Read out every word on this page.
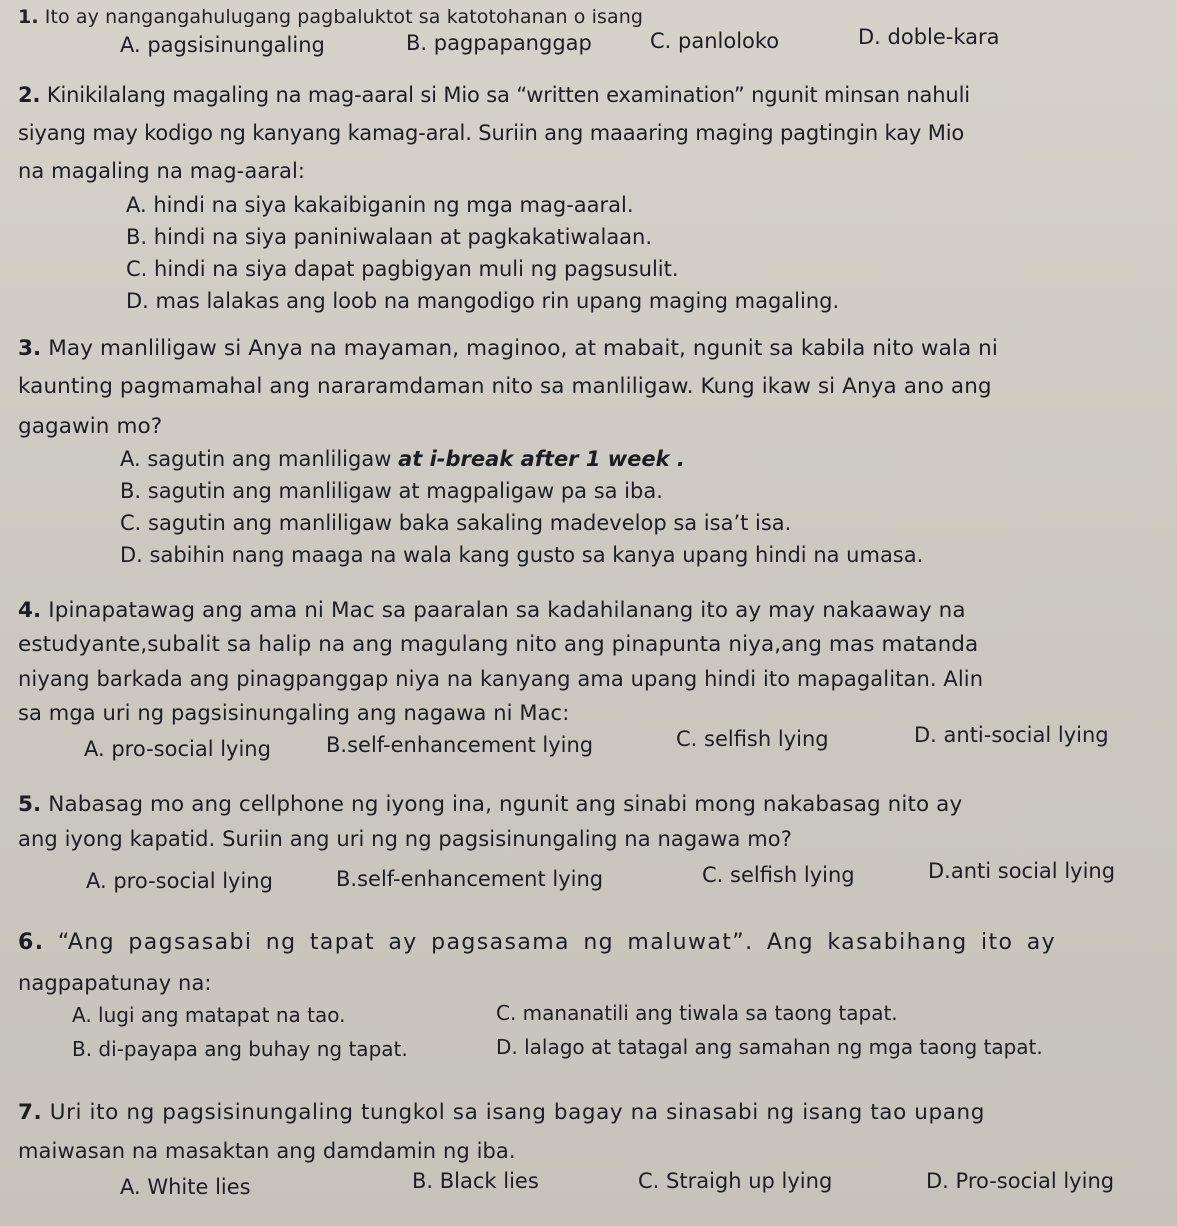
1. Ito ay nangangahulugang pagbaluktot sa katotohanan o isang
A. pagsisinungaling	B. pagpapanggap	C. panloloko	D. doble-kara
2. Kinikilalang magaling na mag-aaral si Mio sa “written examination” ngunit minsan nahuli
siyang may kodigo ng kanyang kamag-aral. Suriin ang maaaring maging pagtingin kay Mio
na magaling na mag-aaral:
A. hindi na siya kakaibiganin ng mga mag-aaral.
B. hindi na siya paniniwalaan at pagkakatiwalaan.
C. hindi na siya dapat pagbigyan muli ng pagsusulit.
D. mas lalakas ang loob na mangodigo rin upang maging magaling.
3. May manliligaw si Anya na mayaman, maginoo, at mabait, ngunit sa kabila nito wala ni
kaunting pagmamahal ang nararamdaman nito sa manliligaw. Kung ikaw si Anya ano ang
gagawin mo?
A. sagutin ang manliligaw at i-break after 1 week .
B. sagutin ang manliligaw at magpaligaw pa sa iba.
C. sagutin ang manliligaw baka sakaling madevelop sa isa’t isa.
D. sabihin nang maaga na wala kang gusto sa kanya upang hindi na umasa.
4. Ipinapatawag ang ama ni Mac sa paaralan sa kadahilanang ito ay may nakaaway na
estudyante,subalit sa halip na ang magulang nito ang pinapunta niya,ang mas matanda
niyang barkada ang pinagpanggap niya na kanyang ama upang hindi ito mapagalitan. Alin
sa mga uri ng pagsisinungaling ang nagawa ni Mac:
A. pro-social lying	B.self-enhancement lying	C. selfish lying	D. anti-social lying
5. Nabasag mo ang cellphone ng iyong ina, ngunit ang sinabi mong nakabasag nito ay
ang iyong kapatid. Suriin ang uri ng ng pagsisinungaling na nagawa mo?
A. pro-social lying	B.self-enhancement lying	C. selfish lying	D.anti social lying
6. “Ang pagsasabi ng tapat ay pagsasama ng maluwat”. Ang kasabihang ito ay
nagpapatunay na:
A. lugi ang matapat na tao.	C. mananatili ang tiwala sa taong tapat.
B. di-payapa ang buhay ng tapat.	D. lalago at tatagal ang samahan ng mga taong tapat.
7. Uri ito ng pagsisinungaling tungkol sa isang bagay na sinasabi ng isang tao upang
maiwasan na masaktan ang damdamin ng iba.
A. White lies	B. Black lies	C. Straigh up lying	D. Pro-social lying
